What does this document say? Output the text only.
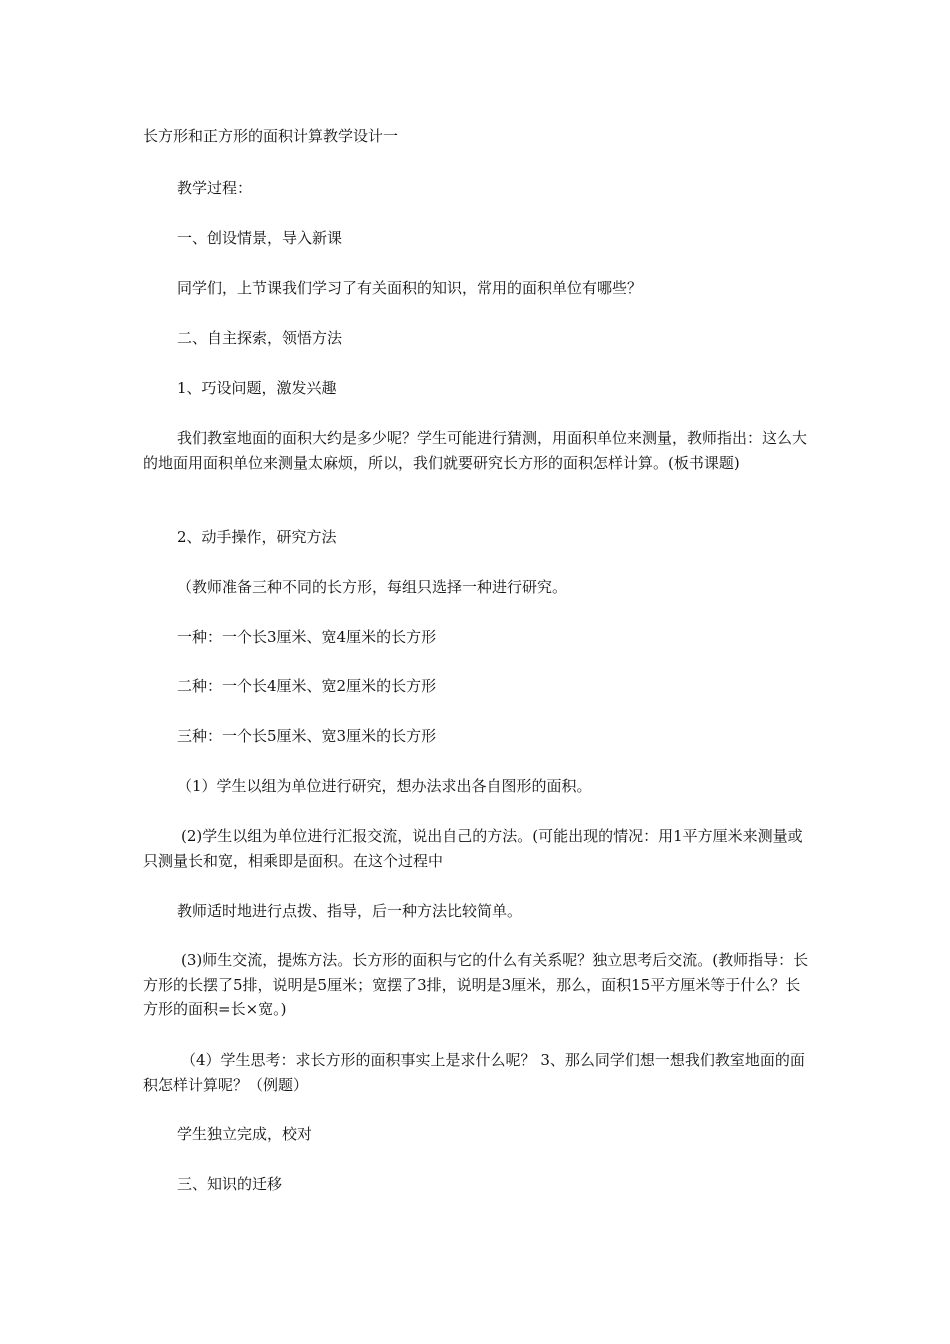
长方形和正方形的面积计算教学设计一

教学过程：

一、创设情景，导入新课

同学们，上节课我们学习了有关面积的知识，常用的面积单位有哪些？

二、自主探索，领悟方法

1、巧设问题，激发兴趣

我们教室地面的面积大约是多少呢？学生可能进行猜测，用面积单位来测量，教师指出：这么大的地面用面积单位来测量太麻烦，所以，我们就要研究长方形的面积怎样计算。(板书课题)

2、动手操作，研究方法

（教师准备三种不同的长方形，每组只选择一种进行研究。

一种：一个长3厘米、宽4厘米的长方形

二种：一个长4厘米、宽2厘米的长方形

三种：一个长5厘米、宽3厘米的长方形

（1）学生以组为单位进行研究，想办法求出各自图形的面积。

(2)学生以组为单位进行汇报交流，说出自己的方法。(可能出现的情况：用1平方厘米来测量或只测量长和宽，相乘即是面积。在这个过程中

教师适时地进行点拨、指导，后一种方法比较简单。

(3)师生交流，提炼方法。长方形的面积与它的什么有关系呢？独立思考后交流。(教师指导：长方形的长摆了5排，说明是5厘米；宽摆了3排，说明是3厘米，那么，面积15平方厘米等于什么？长方形的面积=长×宽。)

（4）学生思考：求长方形的面积事实上是求什么呢？ 3、那么同学们想一想我们教室地面的面积怎样计算呢？（例题）

学生独立完成，校对

三、知识的迁移
